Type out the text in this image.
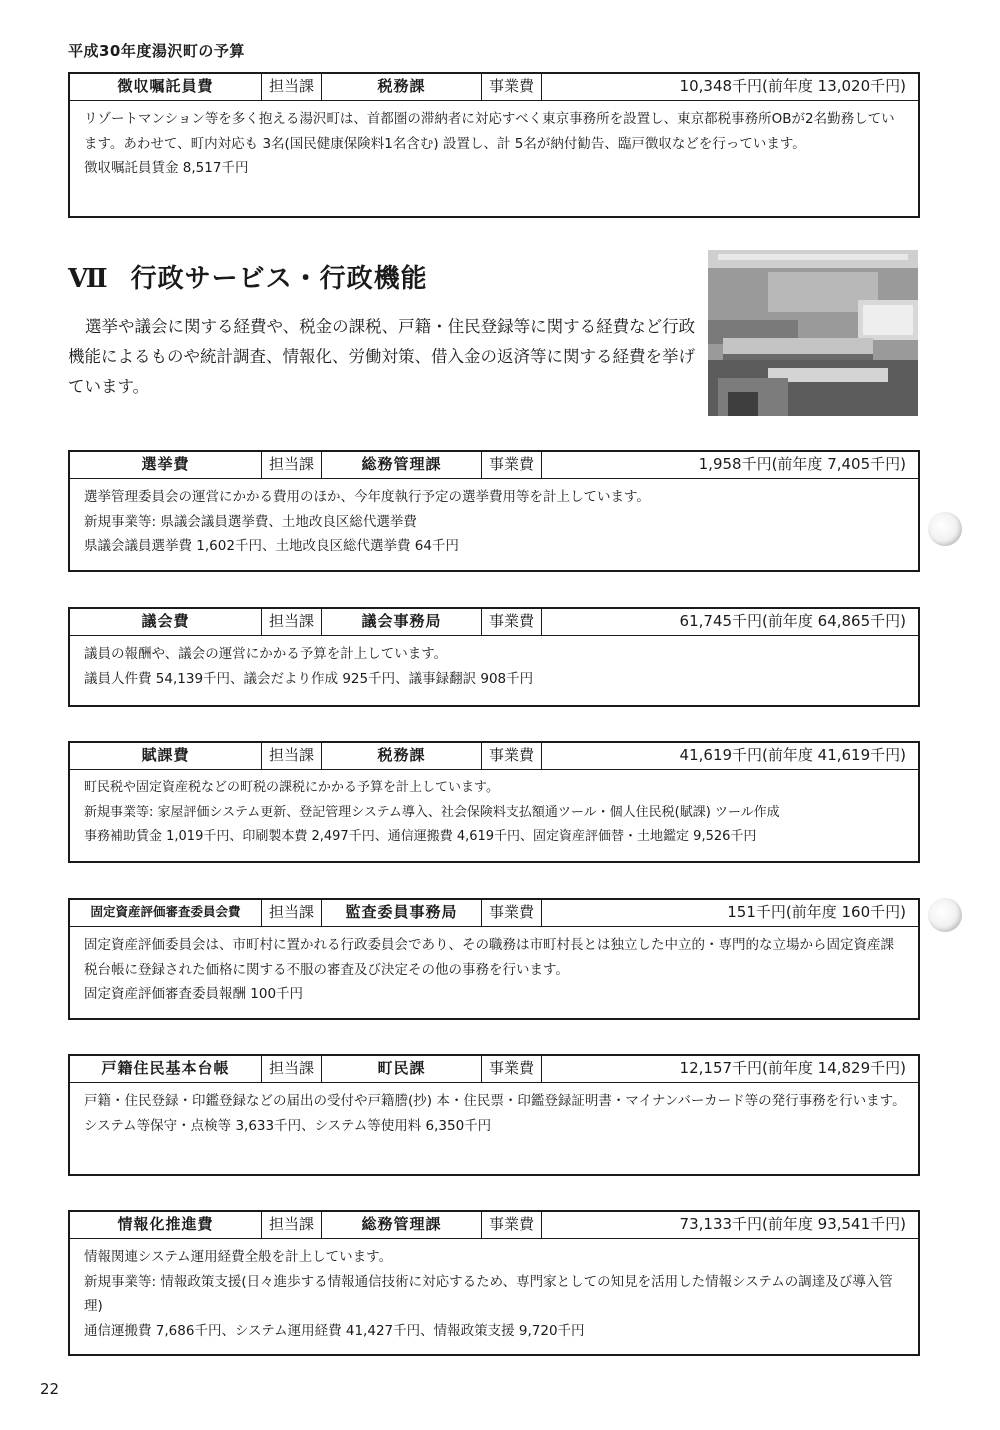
平成30年度湯沢町の予算
徴収嘱託員費	担当課	税務課	事業費	10,348千円(前年度 13,020千円)

リゾートマンション等を多く抱える湯沢町は、首都圏の滞納者に対応すべく東京事務所を設置し、東京都税事務所OBが2名勤務しています。あわせて、町内対応も 3名(国民健康保険料1名含む) 設置し、計 5名が納付勧告、臨戸徴収などを行っています。

徴収嘱託員賃金 8,517千円

Ⅶ 行政サービス・行政機能

選挙や議会に関する経費や、税金の課税、戸籍・住民登録等に関する経費など行政機能によるものや統計調査、情報化、労働対策、借入金の返済等に関する経費を挙げています。

選挙費	担当課	総務管理課	事業費	1,958千円(前年度 7,405千円)

選挙管理委員会の運営にかかる費用のほか、今年度執行予定の選挙費用等を計上しています。

新規事業等: 県議会議員選挙費、土地改良区総代選挙費

県議会議員選挙費 1,602千円、土地改良区総代選挙費 64千円

議会費	担当課	議会事務局	事業費	61,745千円(前年度 64,865千円)

議員の報酬や、議会の運営にかかる予算を計上しています。

議員人件費 54,139千円、議会だより作成 925千円、議事録翻訳 908千円

賦課費	担当課	税務課	事業費	41,619千円(前年度 41,619千円)

町民税や固定資産税などの町税の課税にかかる予算を計上しています。

新規事業等: 家屋評価システム更新、登記管理システム導入、社会保険料支払額通ツール・個人住民税(賦課) ツール作成

事務補助賃金 1,019千円、印刷製本費 2,497千円、通信運搬費 4,619千円、固定資産評価替・土地鑑定 9,526千円

固定資産評価審査委員会費	担当課	監査委員事務局	事業費	151千円(前年度 160千円)

固定資産評価委員会は、市町村に置かれる行政委員会であり、その職務は市町村長とは独立した中立的・専門的な立場から固定資産課税台帳に登録された価格に関する不服の審査及び決定その他の事務を行います。

固定資産評価審査委員報酬 100千円

戸籍住民基本台帳	担当課	町民課	事業費	12,157千円(前年度 14,829千円)

戸籍・住民登録・印鑑登録などの届出の受付や戸籍謄(抄) 本・住民票・印鑑登録証明書・マイナンバーカード等の発行事務を行います。

システム等保守・点検等 3,633千円、システム等使用料 6,350千円

情報化推進費	担当課	総務管理課	事業費	73,133千円(前年度 93,541千円)

情報関連システム運用経費全般を計上しています。

新規事業等: 情報政策支援(日々進歩する情報通信技術に対応するため、専門家としての知見を活用した情報システムの調達及び導入管理)

通信運搬費 7,686千円、システム運用経費 41,427千円、情報政策支援 9,720千円

22
